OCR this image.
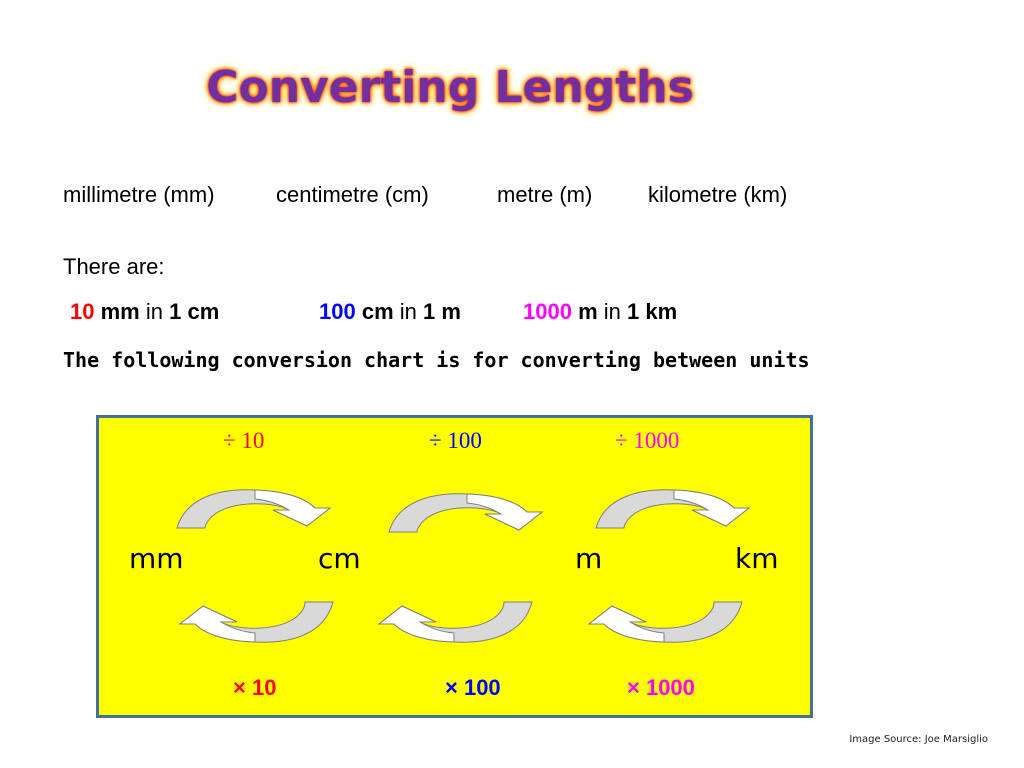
Converting Lengths
millimetre (mm)	centimetre (cm)	metre (m)	kilometre (km)
There are:
10 mm in 1 cm	100 cm in 1 m	1000 m in 1 km
The following conversion chart is for converting between units
÷ 10	÷ 100	÷ 1000
mm	cm	m	km
× 10	× 100	× 1000
Image Source: Joe Marsiglio
